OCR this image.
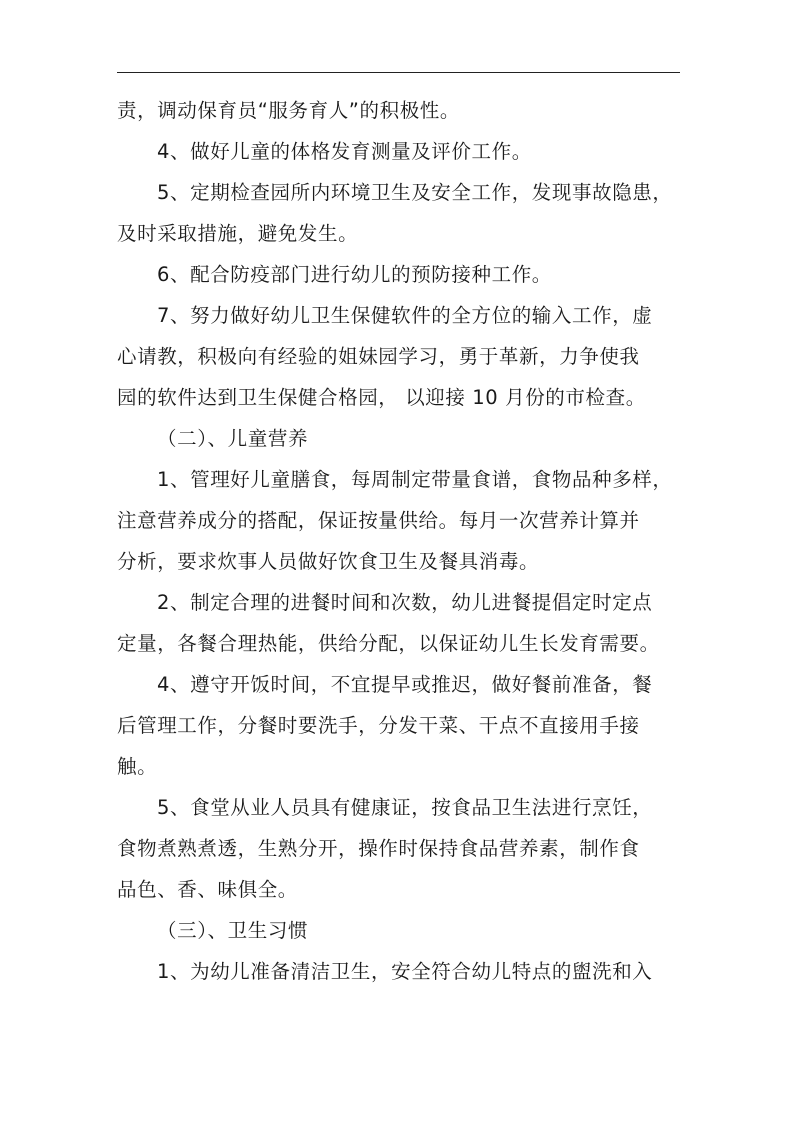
责，调动保育员“服务育人”的积极性。

4、做好儿童的体格发育测量及评价工作。

5、定期检查园所内环境卫生及安全工作，发现事故隐患，
及时采取措施，避免发生。

6、配合防疫部门进行幼儿的预防接种工作。

7、努力做好幼儿卫生保健软件的全方位的输入工作，虚
心请教，积极向有经验的姐妹园学习，勇于革新，力争使我
园的软件达到卫生保健合格园， 以迎接 10 月份的市检查。

（二）、儿童营养

1、管理好儿童膳食，每周制定带量食谱，食物品种多样，
注意营养成分的搭配，保证按量供给。每月一次营养计算并
分析，要求炊事人员做好饮食卫生及餐具消毒。

2、制定合理的进餐时间和次数，幼儿进餐提倡定时定点
定量，各餐合理热能，供给分配，以保证幼儿生长发育需要。

4、遵守开饭时间，不宜提早或推迟，做好餐前准备，餐
后管理工作，分餐时要洗手，分发干菜、干点不直接用手接
触。

5、食堂从业人员具有健康证，按食品卫生法进行烹饪，
食物煮熟煮透，生熟分开，操作时保持食品营养素，制作食
品色、香、味俱全。

（三）、卫生习惯

1、为幼儿准备清洁卫生，安全符合幼儿特点的盥洗和入
